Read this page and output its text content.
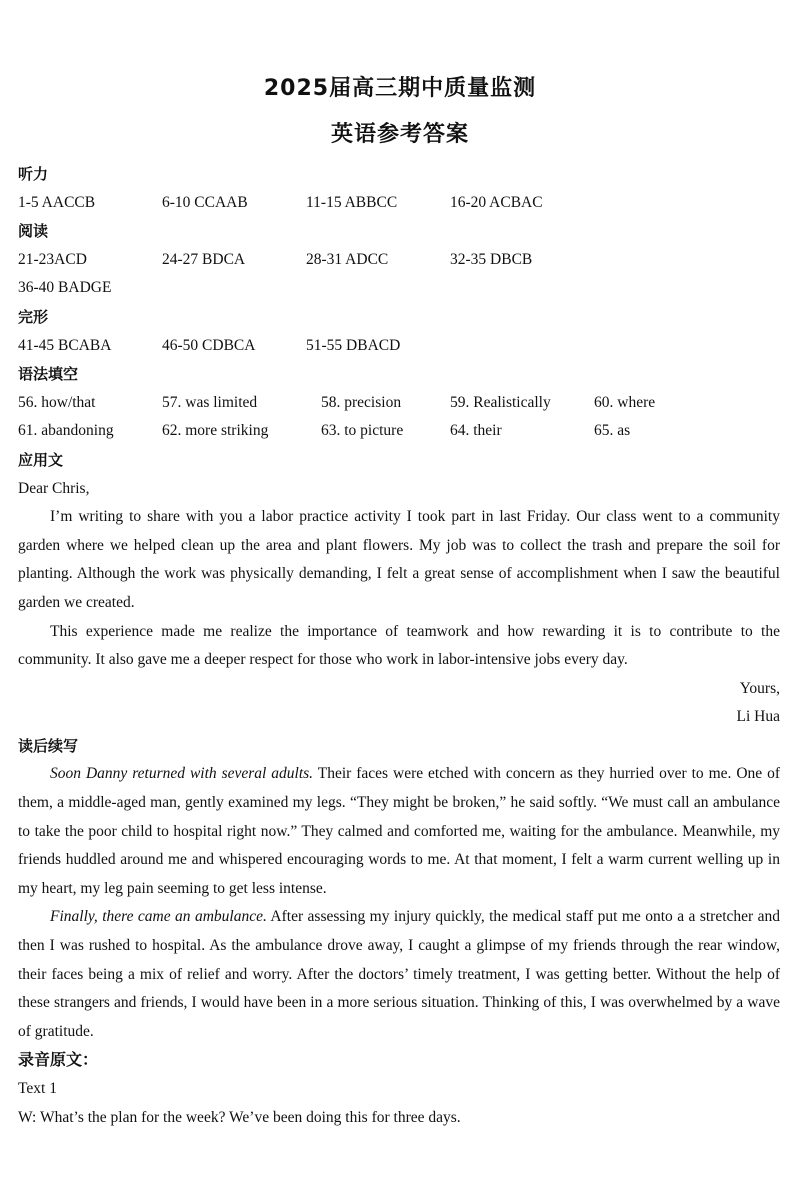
2025届高三期中质量监测
英语参考答案
听力
1-5 AACCB	6-10 CCAAB	11-15 ABBCC	16-20 ACBAC
阅读
21-23ACD	24-27 BDCA	28-31 ADCC	32-35 DBCB
36-40 BADGE
完形
41-45 BCABA	46-50 CDBCA	51-55 DBACD
语法填空
56. how/that	57. was limited	58. precision	59. Realistically	60. where
61. abandoning	62. more striking	63. to picture	64. their	65. as
应用文
Dear Chris,

I’m writing to share with you a labor practice activity I took part in last Friday. Our class went to a community garden where we helped clean up the area and plant flowers. My job was to collect the trash and prepare the soil for planting. Although the work was physically demanding, I felt a great sense of accomplishment when I saw the beautiful garden we created.

This experience made me realize the importance of teamwork and how rewarding it is to contribute to the community. It also gave me a deeper respect for those who work in labor-intensive jobs every day.

Yours,
Li Hua
读后续写

Soon Danny returned with several adults. Their faces were etched with concern as they hurried over to me. One of them, a middle-aged man, gently examined my legs. “They might be broken,” he said softly. “We must call an ambulance to take the poor child to hospital right now.” They calmed and comforted me, waiting for the ambulance. Meanwhile, my friends huddled around me and whispered encouraging words to me. At that moment, I felt a warm current welling up in my heart, my leg pain seeming to get less intense.

Finally, there came an ambulance. After assessing my injury quickly, the medical staff put me onto a a stretcher and then I was rushed to hospital. As the ambulance drove away, I caught a glimpse of my friends through the rear window, their faces being a mix of relief and worry. After the doctors’ timely treatment, I was getting better. Without the help of these strangers and friends, I would have been in a more serious situation. Thinking of this, I was overwhelmed by a wave of gratitude.

录音原文：
Text 1
W: What’s the plan for the week? We’ve been doing this for three days.
